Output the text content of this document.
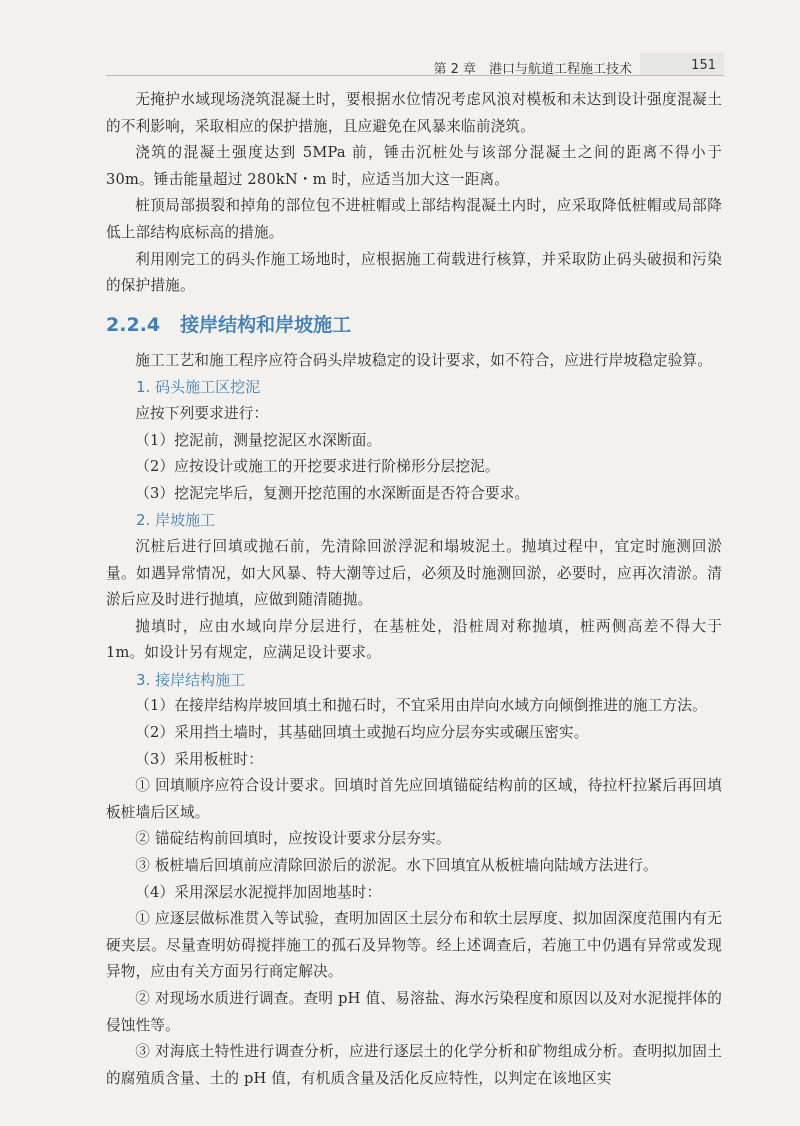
第 2 章　港口与航道工程施工技术	151

无掩护水域现场浇筑混凝土时，要根据水位情况考虑风浪对模板和未达到设计强度混凝土的不利影响，采取相应的保护措施，且应避免在风暴来临前浇筑。

浇筑的混凝土强度达到 5MPa 前，锤击沉桩处与该部分混凝土之间的距离不得小于 30m。锤击能量超过 280kN・m 时，应适当加大这一距离。

桩顶局部损裂和掉角的部位包不进桩帽或上部结构混凝土内时，应采取降低桩帽或局部降低上部结构底标高的措施。

利用刚完工的码头作施工场地时，应根据施工荷载进行核算，并采取防止码头破损和污染的保护措施。

2.2.4 接岸结构和岸坡施工

施工工艺和施工程序应符合码头岸坡稳定的设计要求，如不符合，应进行岸坡稳定验算。

1. 码头施工区挖泥

应按下列要求进行：

（1）挖泥前，测量挖泥区水深断面。

（2）应按设计或施工的开挖要求进行阶梯形分层挖泥。

（3）挖泥完毕后，复测开挖范围的水深断面是否符合要求。

2. 岸坡施工

沉桩后进行回填或抛石前，先清除回淤浮泥和塌坡泥土。抛填过程中，宜定时施测回淤量。如遇异常情况，如大风暴、特大潮等过后，必须及时施测回淤，必要时，应再次清淤。清淤后应及时进行抛填，应做到随清随抛。

抛填时，应由水域向岸分层进行，在基桩处，沿桩周对称抛填，桩两侧高差不得大于 1m。如设计另有规定，应满足设计要求。

3. 接岸结构施工

（1）在接岸结构岸坡回填土和抛石时，不宜采用由岸向水域方向倾倒推进的施工方法。

（2）采用挡土墙时，其基础回填土或抛石均应分层夯实或碾压密实。

（3）采用板桩时：

① 回填顺序应符合设计要求。回填时首先应回填锚碇结构前的区域，待拉杆拉紧后再回填板桩墙后区域。

② 锚碇结构前回填时，应按设计要求分层夯实。

③ 板桩墙后回填前应清除回淤后的淤泥。水下回填宜从板桩墙向陆域方法进行。

（4）采用深层水泥搅拌加固地基时：

① 应逐层做标准贯入等试验，查明加固区土层分布和软土层厚度、拟加固深度范围内有无硬夹层。尽量查明妨碍搅拌施工的孤石及异物等。经上述调查后，若施工中仍遇有异常或发现异物，应由有关方面另行商定解决。

② 对现场水质进行调查。查明 pH 值、易溶盐、海水污染程度和原因以及对水泥搅拌体的侵蚀性等。

③ 对海底土特性进行调查分析，应进行逐层土的化学分析和矿物组成分析。查明拟加固土的腐殖质含量、土的 pH 值，有机质含量及活化反应特性，以判定在该地区实
